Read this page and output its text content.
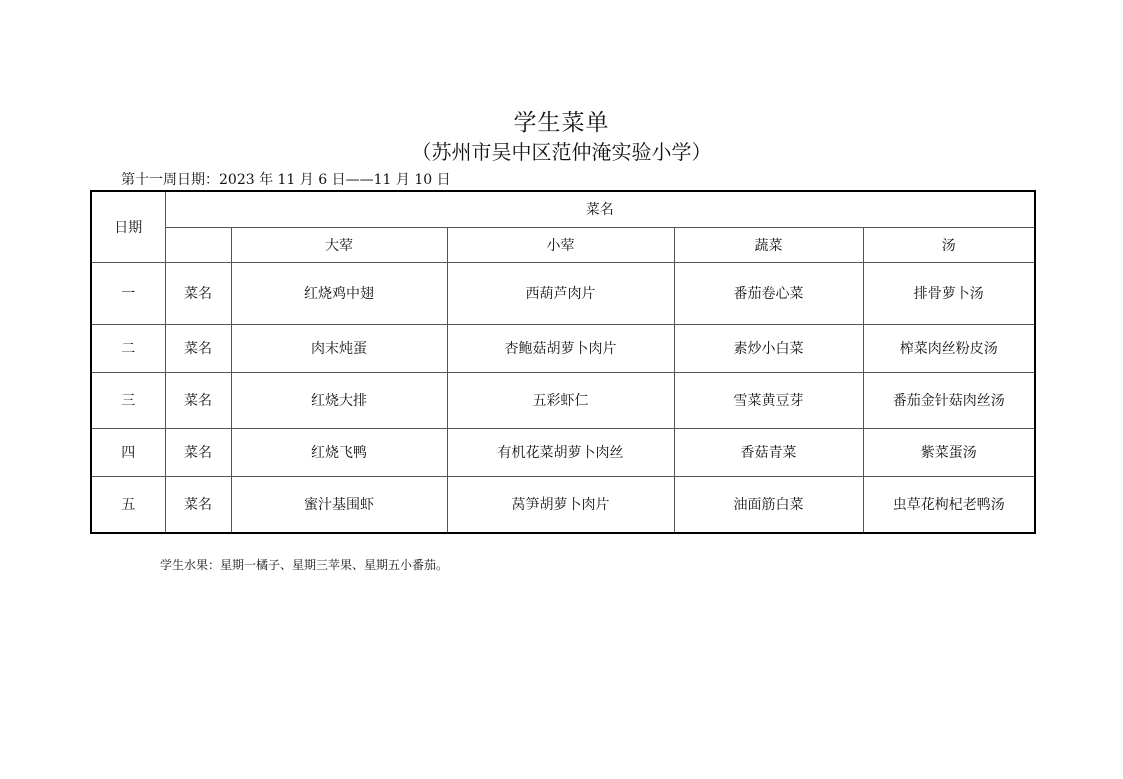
学生菜单
（苏州市吴中区范仲淹实验小学）
第十一周日期：2023 年 11 月 6 日——11 月 10 日
日期	菜名				
		大荤	小荤	蔬菜	汤
一	菜名	红烧鸡中翅	西葫芦肉片	番茄卷心菜	排骨萝卜汤
二	菜名	肉末炖蛋	杏鲍菇胡萝卜肉片	素炒小白菜	榨菜肉丝粉皮汤
三	菜名	红烧大排	五彩虾仁	雪菜黄豆芽	番茄金针菇肉丝汤
四	菜名	红烧飞鸭	有机花菜胡萝卜肉丝	香菇青菜	紫菜蛋汤
五	菜名	蜜汁基围虾	莴笋胡萝卜肉片	油面筋白菜	虫草花枸杞老鸭汤
学生水果：星期一橘子、星期三苹果、星期五小番茄。
